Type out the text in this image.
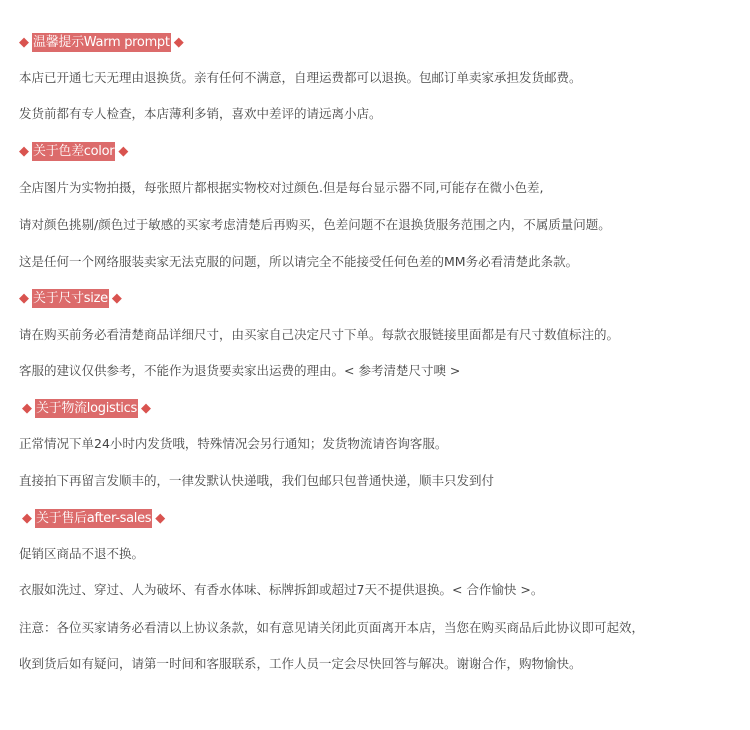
◆ 温馨提示Warm prompt ◆
本店已开通七天无理由退换货。亲有任何不满意，自理运费都可以退换。包邮订单卖家承担发货邮费。
发货前都有专人检查，本店薄利多销，喜欢中差评的请远离小店。
◆ 关于色差color ◆
全店图片为实物拍摄，每张照片都根据实物校对过颜色.但是每台显示器不同,可能存在微小色差,
请对颜色挑剔/颜色过于敏感的买家考虑清楚后再购买，色差问题不在退换货服务范围之内，不属质量问题。
这是任何一个网络服装卖家无法克服的问题，所以请完全不能接受任何色差的MM务必看清楚此条款。
◆ 关于尺寸size ◆
请在购买前务必看清楚商品详细尺寸，由买家自己决定尺寸下单。每款衣服链接里面都是有尺寸数值标注的。
客服的建议仅供参考，不能作为退货要卖家出运费的理由。< 参考清楚尺寸噢 >
◆ 关于物流logistics ◆
正常情况下单24小时内发货哦，特殊情况会另行通知；发货物流请咨询客服。
直接拍下再留言发顺丰的，一律发默认快递哦，我们包邮只包普通快递，顺丰只发到付
◆ 关于售后after-sales ◆
促销区商品不退不换。
衣服如洗过、穿过、人为破坏、有香水体味、标牌拆卸或超过7天不提供退换。< 合作愉快 >。
注意：各位买家请务必看清以上协议条款，如有意见请关闭此页面离开本店，当您在购买商品后此协议即可起效，
收到货后如有疑问，请第一时间和客服联系，工作人员一定会尽快回答与解决。谢谢合作，购物愉快。
